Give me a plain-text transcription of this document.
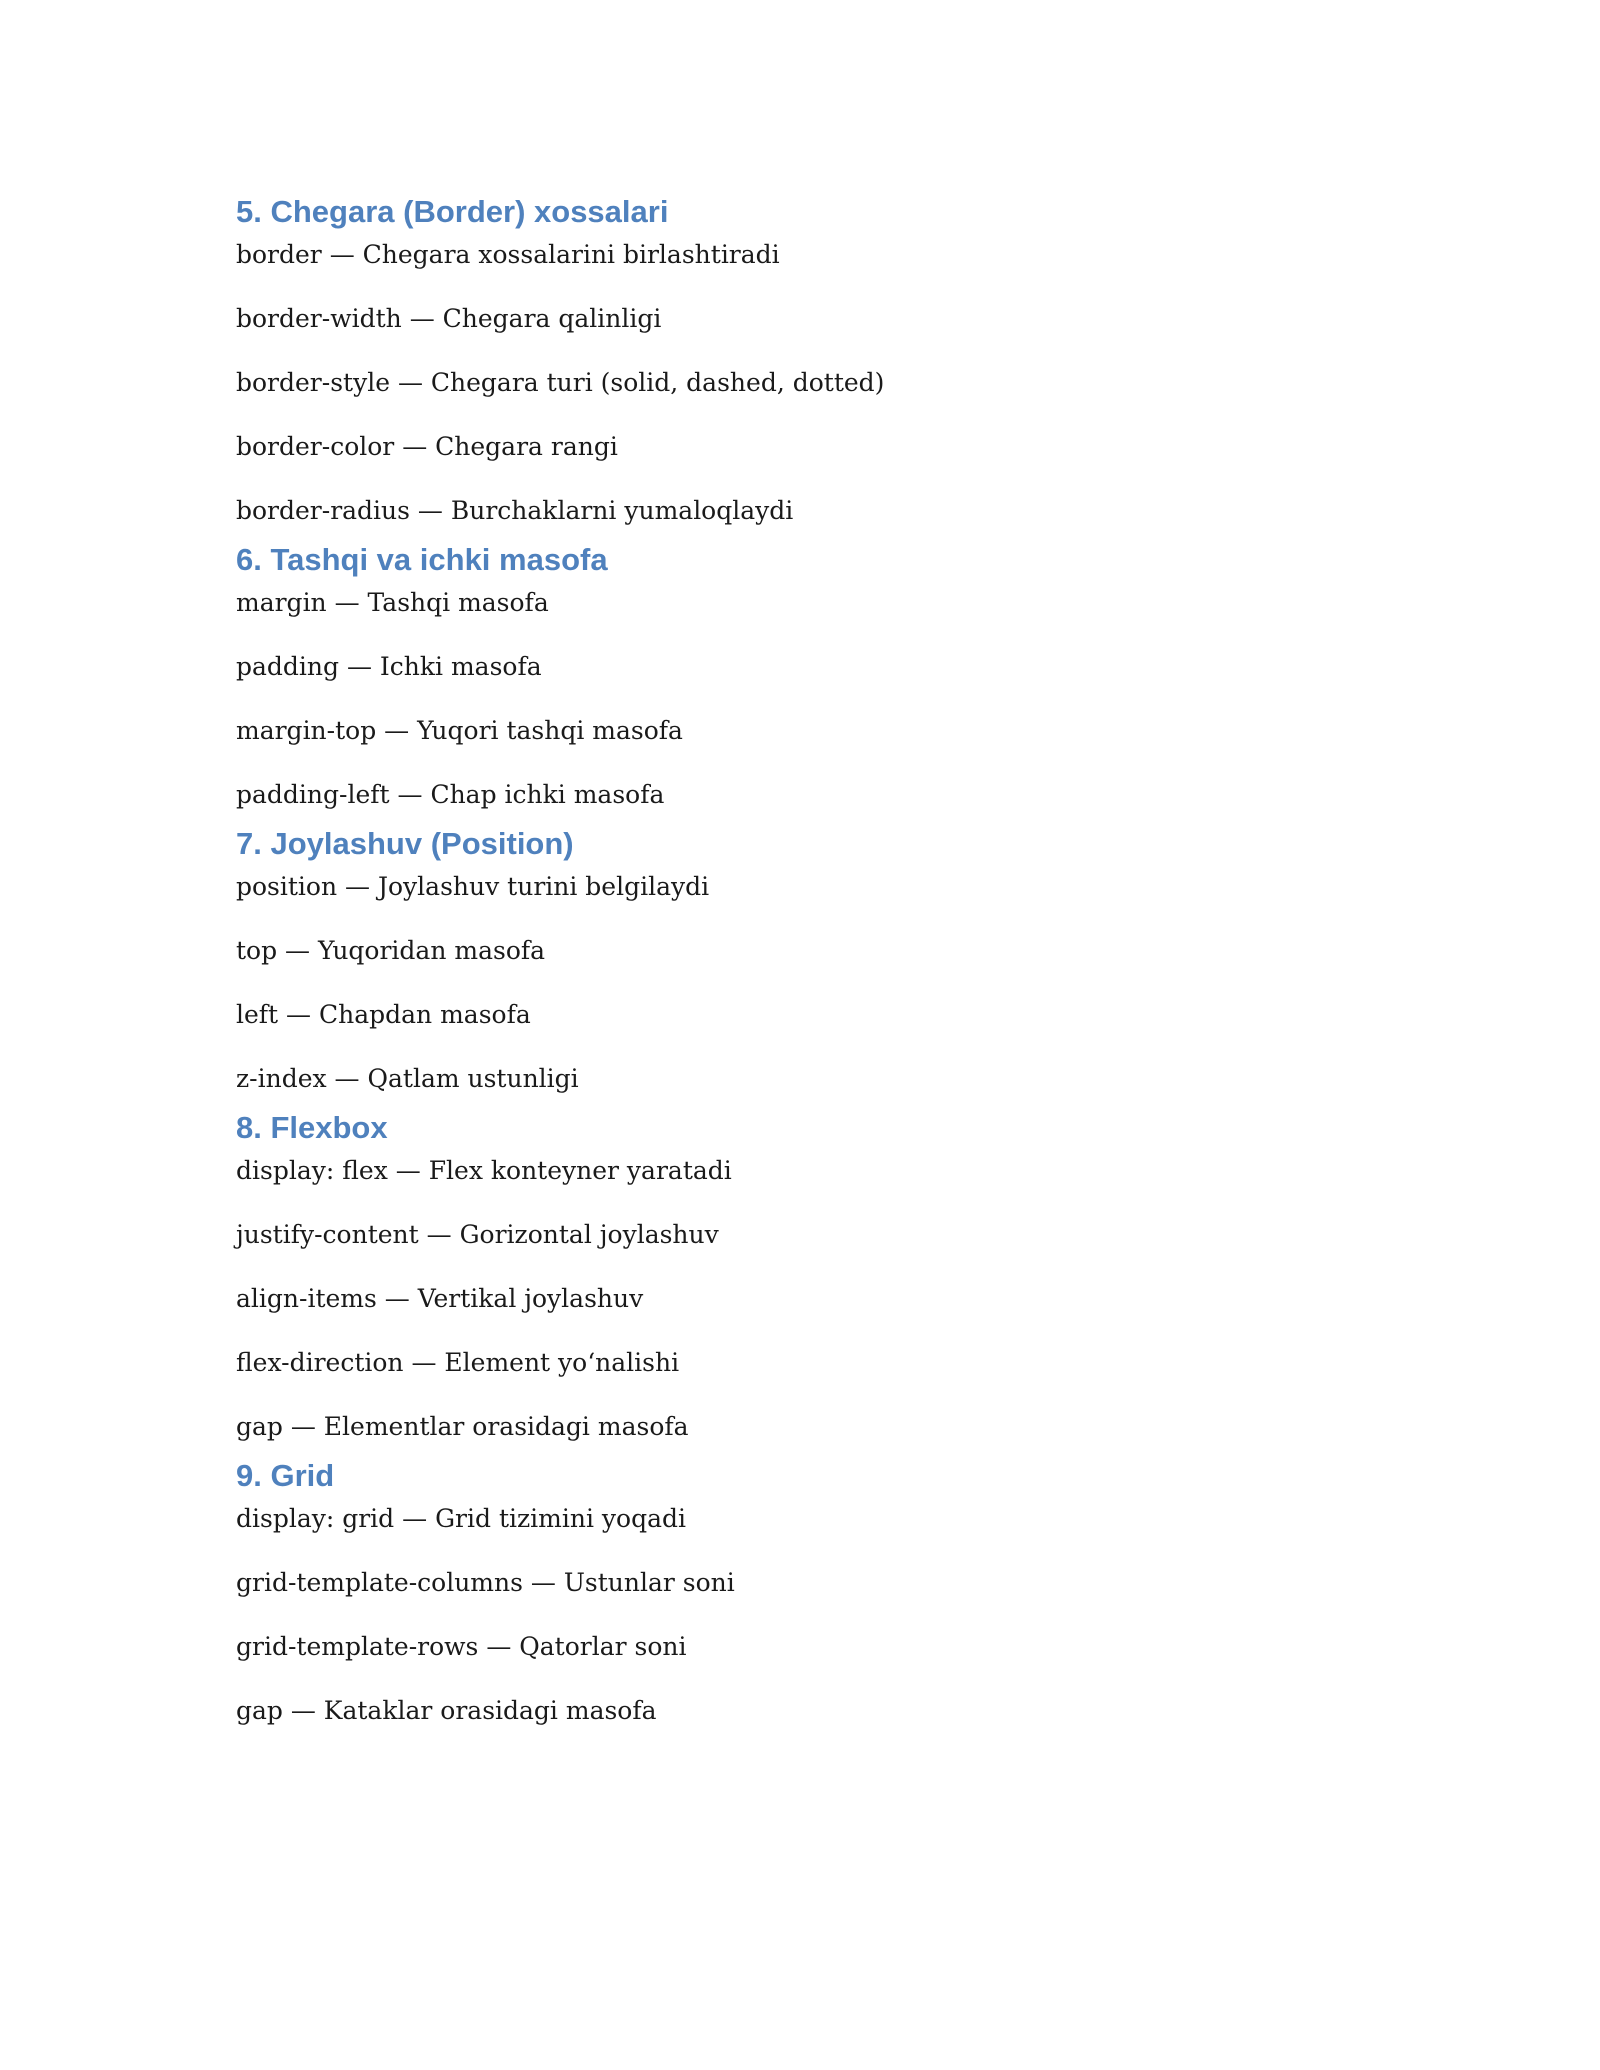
5. Chegara (Border) xossalari
border — Chegara xossalarini birlashtiradi
border-width — Chegara qalinligi
border-style — Chegara turi (solid, dashed, dotted)
border-color — Chegara rangi
border-radius — Burchaklarni yumaloqlaydi
6. Tashqi va ichki masofa
margin — Tashqi masofa
padding — Ichki masofa
margin-top — Yuqori tashqi masofa
padding-left — Chap ichki masofa
7. Joylashuv (Position)
position — Joylashuv turini belgilaydi
top — Yuqoridan masofa
left — Chapdan masofa
z-index — Qatlam ustunligi
8. Flexbox
display: flex — Flex konteyner yaratadi
justify-content — Gorizontal joylashuv
align-items — Vertikal joylashuv
flex-direction — Element yo‘nalishi
gap — Elementlar orasidagi masofa
9. Grid
display: grid — Grid tizimini yoqadi
grid-template-columns — Ustunlar soni
grid-template-rows — Qatorlar soni
gap — Kataklar orasidagi masofa
